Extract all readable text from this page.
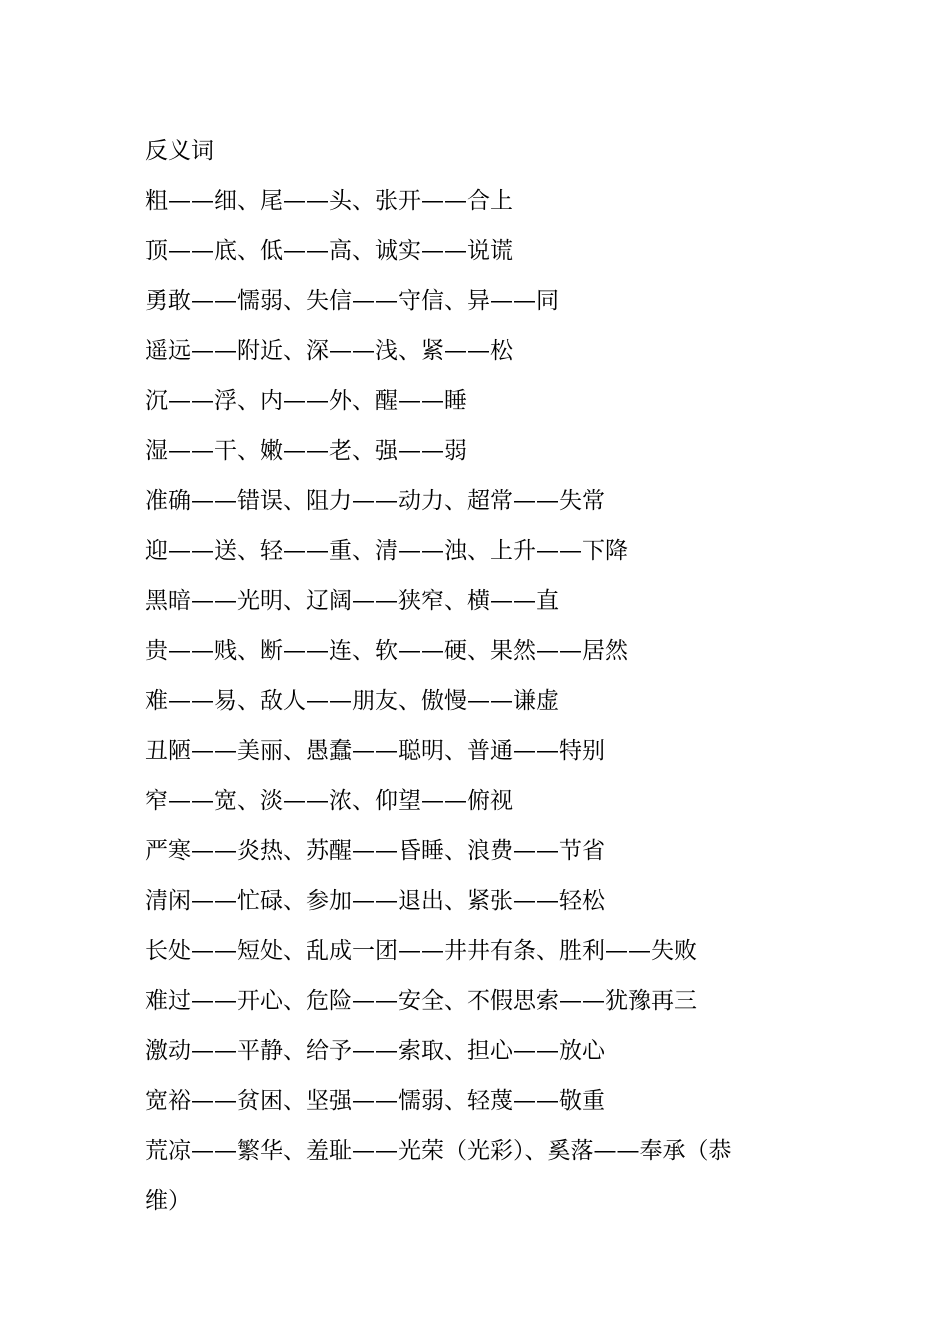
反义词
粗——细、尾——头、张开——合上
顶——底、低——高、诚实——说谎
勇敢——懦弱、失信——守信、异——同
遥远——附近、深——浅、紧——松
沉——浮、内——外、醒——睡
湿——干、嫩——老、强——弱
准确——错误、阻力——动力、超常——失常
迎——送、轻——重、清——浊、上升——下降
黑暗——光明、辽阔——狭窄、横——直
贵——贱、断——连、软——硬、果然——居然
难——易、敌人——朋友、傲慢——谦虚
丑陋——美丽、愚蠢——聪明、普通——特别
窄——宽、淡——浓、仰望——俯视
严寒——炎热、苏醒——昏睡、浪费——节省
清闲——忙碌、参加——退出、紧张——轻松
长处——短处、乱成一团——井井有条、胜利——失败
难过——开心、危险——安全、不假思索——犹豫再三
激动——平静、给予——索取、担心——放心
宽裕——贫困、坚强——懦弱、轻蔑——敬重
荒凉——繁华、羞耻——光荣（光彩）、奚落——奉承（恭
维）
